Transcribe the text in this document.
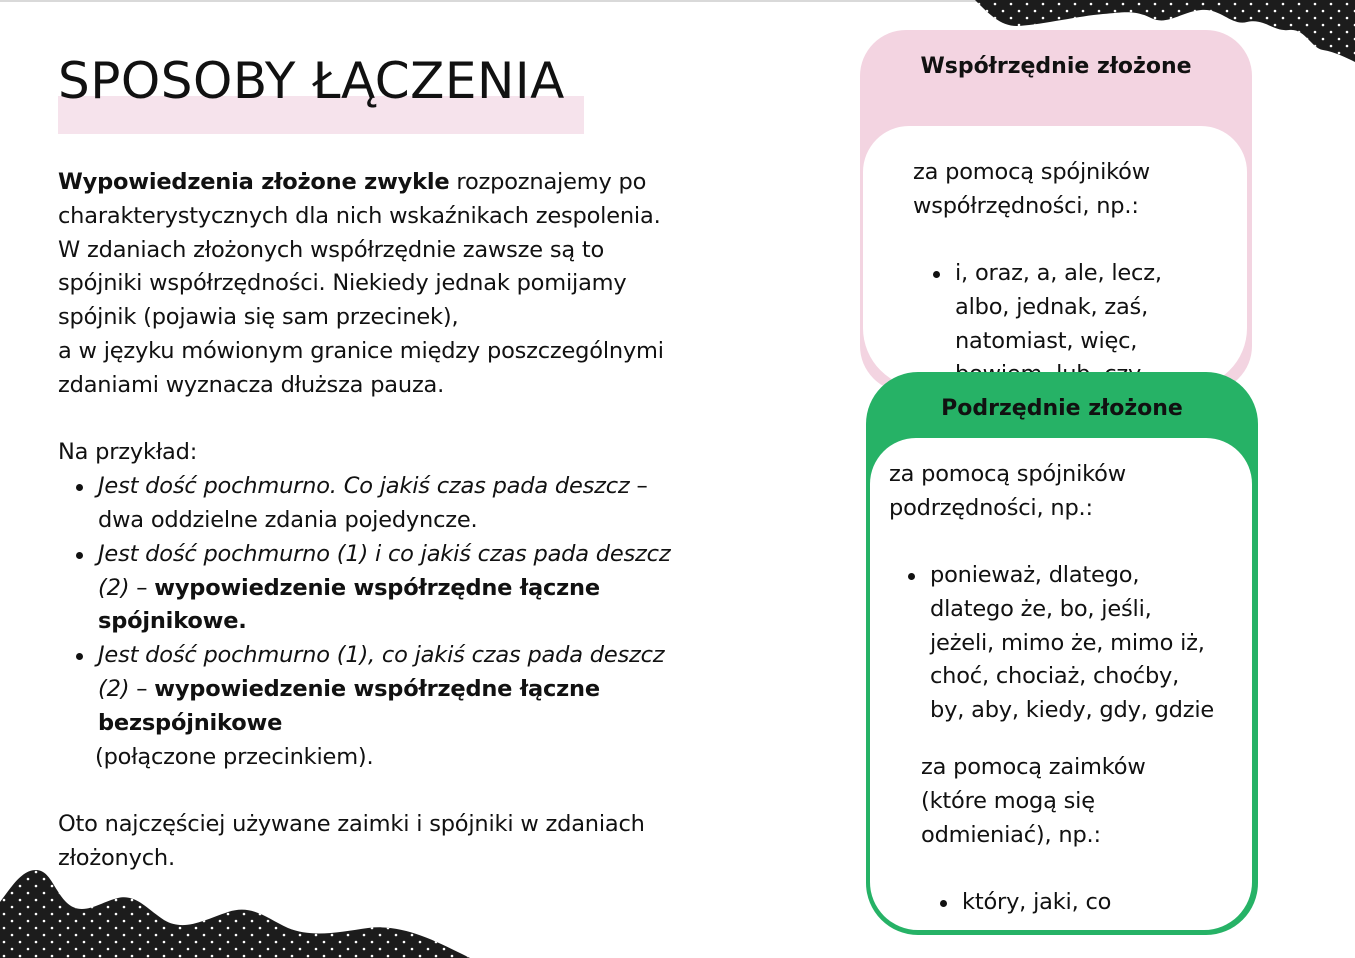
SPOSOBY ŁĄCZENIA

Wypowiedzenia złożone zwykle rozpoznajemy po
charakterystycznych dla nich wskaźnikach zespolenia.
W zdaniach złożonych współrzędnie zawsze są to
spójniki współrzędności. Niekiedy jednak pomijamy
spójnik (pojawia się sam przecinek),
a w języku mówionym granice między poszczególnymi
zdaniami wyznacza dłuższa pauza.

Na przykład:

Jest dość pochmurno. Co jakiś czas pada deszcz –
dwa oddzielne zdania pojedyncze.
Jest dość pochmurno (1) i co jakiś czas pada deszcz
(2) – wypowiedzenie współrzędne łączne
spójnikowe.
Jest dość pochmurno (1), co jakiś czas pada deszcz
(2) – wypowiedzenie współrzędne łączne
bezspójnikowe
(połączone przecinkiem).

Oto najczęściej używane zaimki i spójniki w zdaniach
złożonych.

Współrzędnie złożone
za pomocą spójników
współrzędności, np.:
i, oraz, a, ale, lecz,
albo, jednak, zaś,
natomiast, więc,
Podrzędnie złożone
za pomocą spójników
podrzędności, np.:
ponieważ, dlatego,
dlatego że, bo, jeśli,
jeżeli, mimo że, mimo iż,
choć, chociaż, choćby,
by, aby, kiedy, gdy, gdzie
za pomocą zaimków
(które mogą się
odmieniać), np.:
który, jaki, co
